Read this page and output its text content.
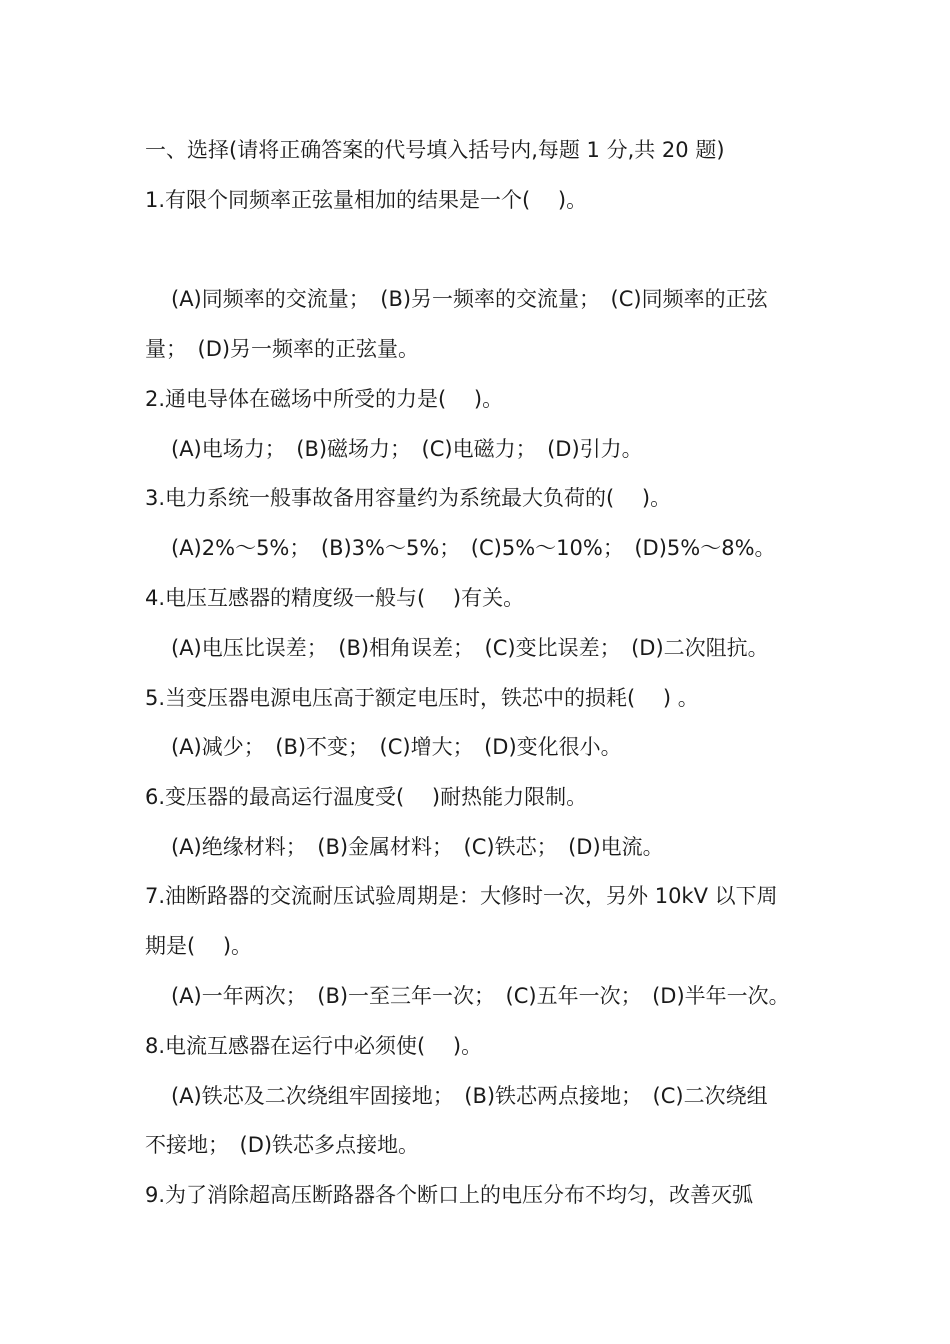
一、选择(请将正确答案的代号填入括号内,每题 1 分,共 20 题)
1.有限个同频率正弦量相加的结果是一个(　 )。
(A)同频率的交流量；　(B)另一频率的交流量；　(C)同频率的正弦
量；　(D)另一频率的正弦量。
2.通电导体在磁场中所受的力是(　 )。
(A)电场力；　(B)磁场力；　(C)电磁力；　(D)引力。
3.电力系统一般事故备用容量约为系统最大负荷的(　 )。
(A)2%～5%；　(B)3%～5%；　(C)5%～10%；　(D)5%～8%。
4.电压互感器的精度级一般与(　 )有关。
(A)电压比误差；　(B)相角误差；　(C)变比误差；　(D)二次阻抗。
5.当变压器电源电压高于额定电压时，铁芯中的损耗(　 ) 。
(A)减少；　(B)不变；　(C)增大；　(D)变化很小。
6.变压器的最高运行温度受(　 )耐热能力限制。
(A)绝缘材料；　(B)金属材料；　(C)铁芯；　(D)电流。
7.油断路器的交流耐压试验周期是：大修时一次，另外 10kV 以下周
期是(　 )。
(A)一年两次；　(B)一至三年一次；　(C)五年一次；　(D)半年一次。
8.电流互感器在运行中必须使(　 )。
(A)铁芯及二次绕组牢固接地；　(B)铁芯两点接地；　(C)二次绕组
不接地；　(D)铁芯多点接地。
9.为了消除超高压断路器各个断口上的电压分布不均匀，改善灭弧
